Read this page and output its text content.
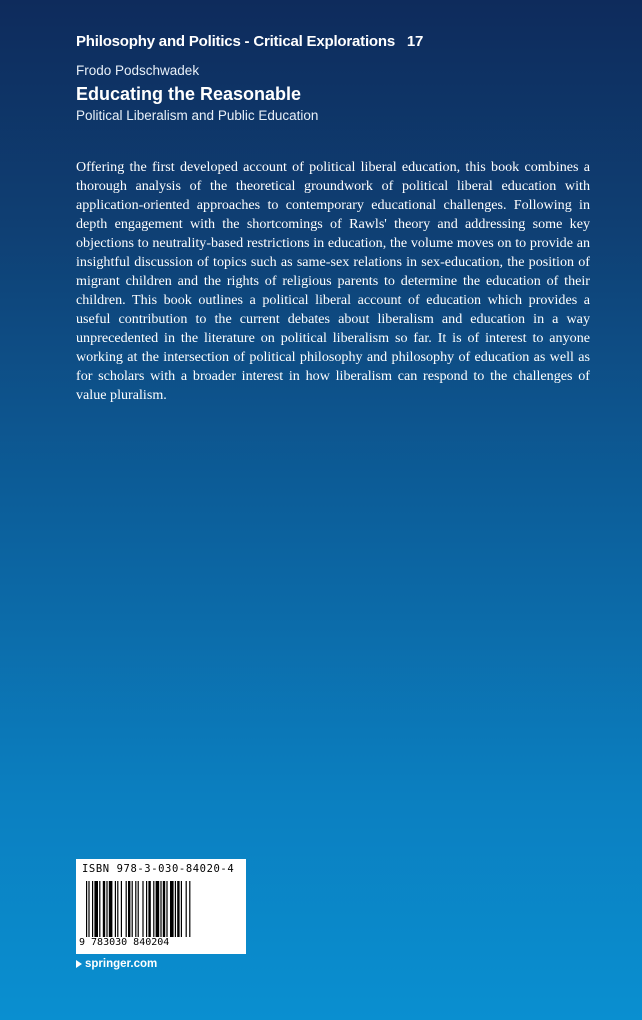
Philosophy and Politics - Critical Explorations 17
Frodo Podschwadek
Educating the Reasonable
Political Liberalism and Public Education

Offering the first developed account of political liberal education, this book combines a thorough analysis of the theoretical groundwork of political liberal education with application-oriented approaches to contemporary educational challenges. Following in depth engagement with the shortcomings of Rawls' theory and addressing some key objections to neutrality-based restrictions in education, the volume moves on to provide an insightful discussion of topics such as same-sex relations in sex-education, the position of migrant children and the rights of religious parents to determine the education of their children. This book outlines a political liberal account of education which provides a useful contribution to the current debates about liberalism and education in a way unprecedented in the literature on political liberalism so far. It is of interest to anyone working at the intersection of political philosophy and philosophy of education as well as for scholars with a broader interest in how liberalism can respond to the challenges of value pluralism.

ISBN 978-3-030-84020-4
9 783030 840204
springer.com
